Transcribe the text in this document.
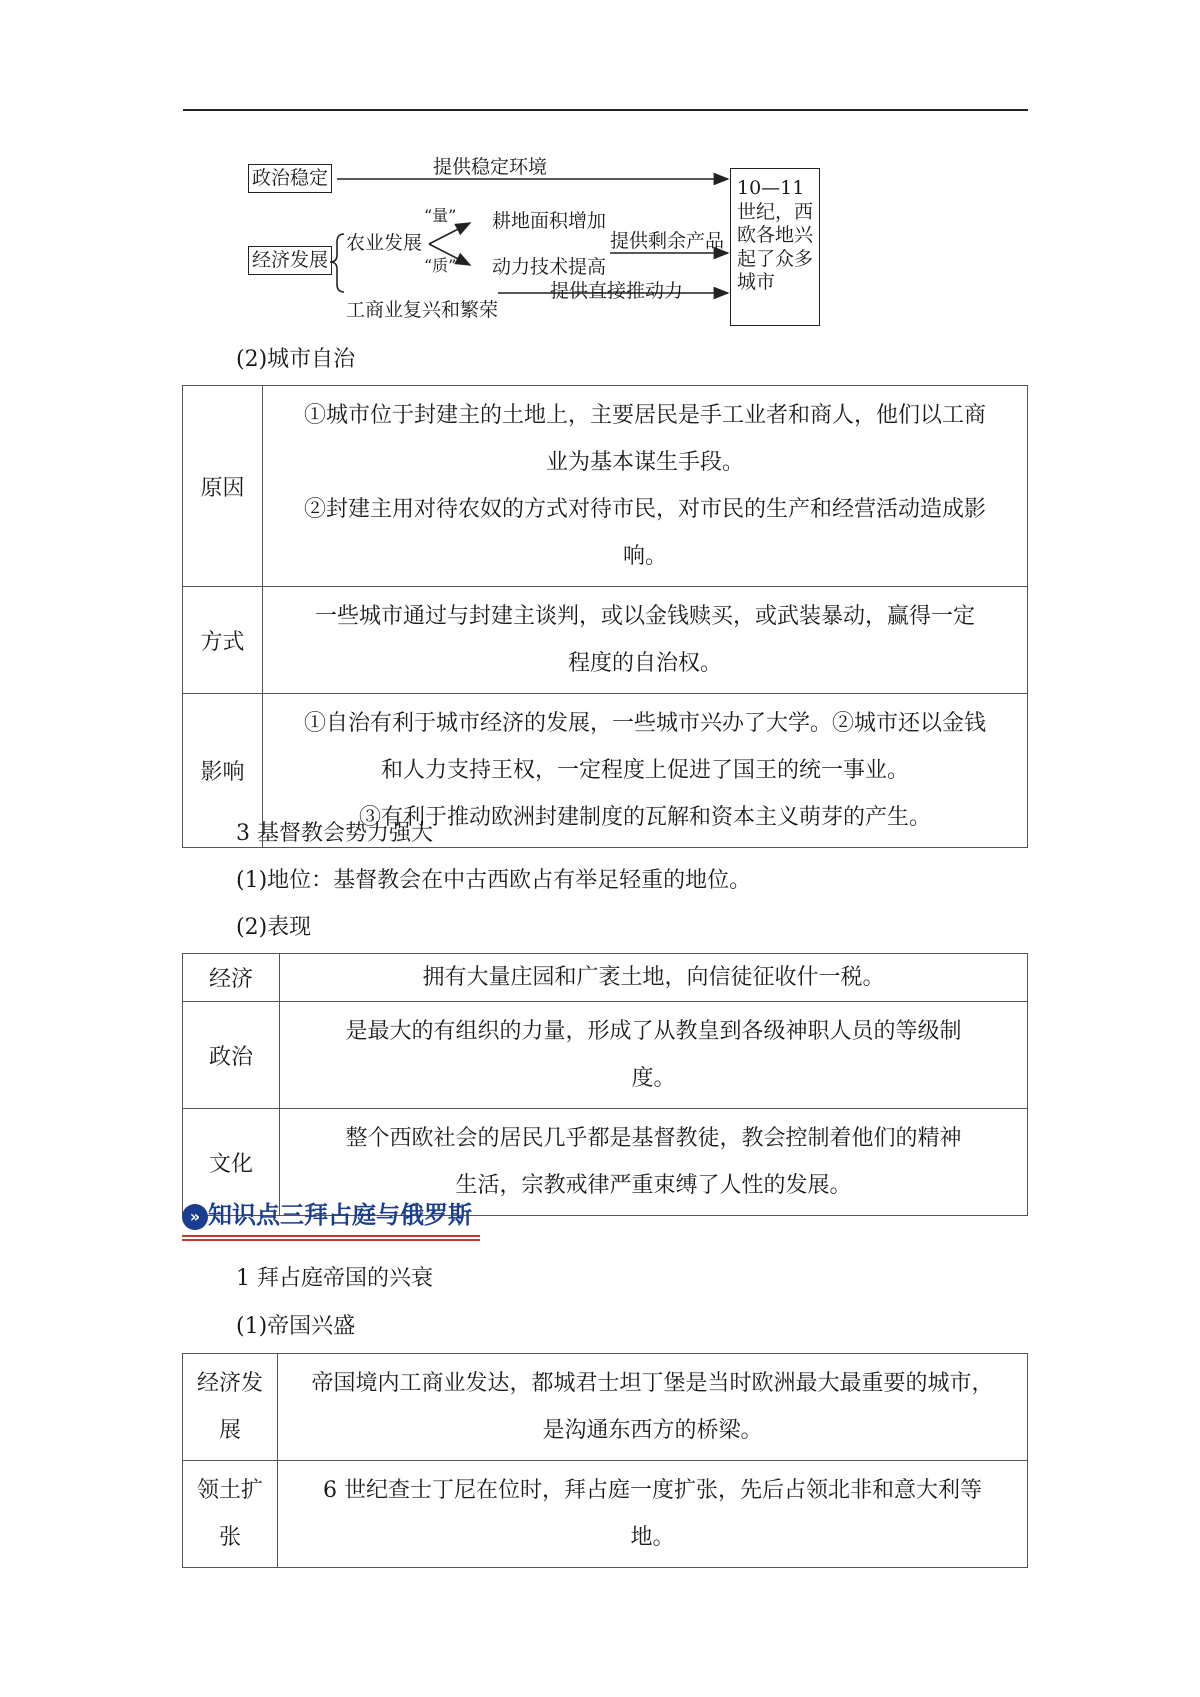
政治稳定	提供稳定环境
经济发展
农业发展
“量”
“质”
耕地面积增加
动力技术提高
提供剩余产品
工商业复兴和繁荣
提供直接推动力
10—11世纪，西欧各地兴起了众多城市
(2)城市自治
原因	①城市位于封建主的土地上，主要居民是手工业者和商人，他们以工商
业为基本谋生手段。
②封建主用对待农奴的方式对待市民，对市民的生产和经营活动造成影
响。

方式	一些城市通过与封建主谈判，或以金钱赎买，或武装暴动，赢得一定
程度的自治权。

影响	①自治有利于城市经济的发展，一些城市兴办了大学。②城市还以金钱
和人力支持王权，一定程度上促进了国王的统一事业。
③有利于推动欧洲封建制度的瓦解和资本主义萌芽的产生。
3 基督教会势力强大
(1)地位：基督教会在中古西欧占有举足轻重的地位。
(2)表现
经济	拥有大量庄园和广袤土地，向信徒征收什一税。

政治	是最大的有组织的力量，形成了从教皇到各级神职人员的等级制
度。

文化	整个西欧社会的居民几乎都是基督教徒，教会控制着他们的精神
生活，宗教戒律严重束缚了人性的发展。
» 知识点三拜占庭与俄罗斯
1 拜占庭帝国的兴衰
(1)帝国兴盛
经济发
展	帝国境内工商业发达，都城君士坦丁堡是当时欧洲最大最重要的城市，
是沟通东西方的桥梁。

领土扩
张	6 世纪查士丁尼在位时，拜占庭一度扩张，先后占领北非和意大利等
地。
